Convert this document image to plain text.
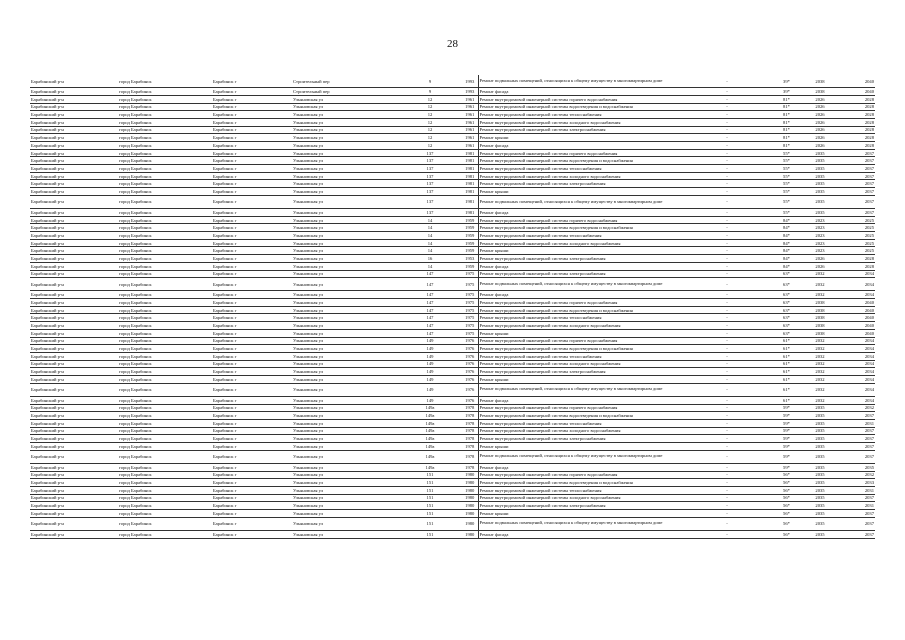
28
Барабинский р-н	город Барабинск	Барабинск г	Строительный пер	9	1993	Ремонт подвальных помещений, относящихся к общему имуществу в многоквартирном доме	-	39*	2038	2040
Барабинский р-н	город Барабинск	Барабинск г	Строительный пер	9	1993	Ремонт фасада	-	39*	2038	2040
Барабинский р-н	город Барабинск	Барабинск г	Ульяновская ул	12	1961	Ремонт внутридомовой инженерной системы горячего водоснабжения	-	81*	2026	2028
Барабинский р-н	город Барабинск	Барабинск г	Ульяновская ул	12	1961	Ремонт внутридомовой инженерной системы водоотведения и водоснабжения	-	81*	2026	2028
Барабинский р-н	город Барабинск	Барабинск г	Ульяновская ул	12	1961	Ремонт внутридомовой инженерной системы теплоснабжения	-	81*	2026	2028
Барабинский р-н	город Барабинск	Барабинск г	Ульяновская ул	12	1961	Ремонт внутридомовой инженерной системы холодного водоснабжения	-	81*	2026	2028
Барабинский р-н	город Барабинск	Барабинск г	Ульяновская ул	12	1961	Ремонт внутридомовой инженерной системы электроснабжения	-	81*	2026	2028
Барабинский р-н	город Барабинск	Барабинск г	Ульяновская ул	12	1961	Ремонт крыши	-	81*	2026	2028
Барабинский р-н	город Барабинск	Барабинск г	Ульяновская ул	12	1961	Ремонт фасада	-	81*	2026	2028
Барабинский р-н	город Барабинск	Барабинск г	Ульяновская ул	137	1981	Ремонт внутридомовой инженерной системы горячего водоснабжения	-	55*	2035	2037
Барабинский р-н	город Барабинск	Барабинск г	Ульяновская ул	137	1981	Ремонт внутридомовой инженерной системы водоотведения и водоснабжения	-	55*	2035	2037
Барабинский р-н	город Барабинск	Барабинск г	Ульяновская ул	137	1981	Ремонт внутридомовой инженерной системы теплоснабжения	-	55*	2035	2037
Барабинский р-н	город Барабинск	Барабинск г	Ульяновская ул	137	1981	Ремонт внутридомовой инженерной системы холодного водоснабжения	-	55*	2035	2037
Барабинский р-н	город Барабинск	Барабинск г	Ульяновская ул	137	1981	Ремонт внутридомовой инженерной системы электроснабжения	-	55*	2035	2037
Барабинский р-н	город Барабинск	Барабинск г	Ульяновская ул	137	1981	Ремонт крыши	-	55*	2035	2037
Барабинский р-н	город Барабинск	Барабинск г	Ульяновская ул	137	1981	Ремонт подвальных помещений, относящихся к общему имуществу в многоквартирном доме	-	55*	2035	2037
Барабинский р-н	город Барабинск	Барабинск г	Ульяновская ул	137	1981	Ремонт фасада	-	55*	2035	2037
Барабинский р-н	город Барабинск	Барабинск г	Ульяновская ул	14	1959	Ремонт внутридомовой инженерной системы горячего водоснабжения	-	84*	2023	2025
Барабинский р-н	город Барабинск	Барабинск г	Ульяновская ул	14	1959	Ремонт внутридомовой инженерной системы водоотведения и водоснабжения	-	84*	2023	2025
Барабинский р-н	город Барабинск	Барабинск г	Ульяновская ул	14	1959	Ремонт внутридомовой инженерной системы теплоснабжения	-	84*	2023	2025
Барабинский р-н	город Барабинск	Барабинск г	Ульяновская ул	14	1959	Ремонт внутридомовой инженерной системы холодного водоснабжения	-	84*	2023	2025
Барабинский р-н	город Барабинск	Барабинск г	Ульяновская ул	14	1959	Ремонт крыши	-	84*	2023	2025
Барабинский р-н	город Барабинск	Барабинск г	Ульяновская ул	16	1953	Ремонт внутридомовой инженерной системы электроснабжения	-	84*	2026	2028
Барабинский р-н	город Барабинск	Барабинск г	Ульяновская ул	14	1959	Ремонт фасада	-	84*	2026	2028
Барабинский р-н	город Барабинск	Барабинск г	Ульяновская ул	147	1975	Ремонт внутридомовой инженерной системы электроснабжения	-	63*	2032	2034
Барабинский р-н	город Барабинск	Барабинск г	Ульяновская ул	147	1975	Ремонт подвальных помещений, относящихся к общему имуществу в многоквартирном доме	-	63*	2032	2034
Барабинский р-н	город Барабинск	Барабинск г	Ульяновская ул	147	1975	Ремонт фасада	-	63*	2032	2034
Барабинский р-н	город Барабинск	Барабинск г	Ульяновская ул	147	1975	Ремонт внутридомовой инженерной системы горячего водоснабжения	-	63*	2038	2040
Барабинский р-н	город Барабинск	Барабинск г	Ульяновская ул	147	1975	Ремонт внутридомовой инженерной системы водоотведения и водоснабжения	-	63*	2038	2040
Барабинский р-н	город Барабинск	Барабинск г	Ульяновская ул	147	1975	Ремонт внутридомовой инженерной системы теплоснабжения	-	63*	2038	2040
Барабинский р-н	город Барабинск	Барабинск г	Ульяновская ул	147	1975	Ремонт внутридомовой инженерной системы холодного водоснабжения	-	63*	2038	2040
Барабинский р-н	город Барабинск	Барабинск г	Ульяновская ул	147	1975	Ремонт крыши	-	63*	2038	2040
Барабинский р-н	город Барабинск	Барабинск г	Ульяновская ул	149	1976	Ремонт внутридомовой инженерной системы горячего водоснабжения	-	61*	2032	2034
Барабинский р-н	город Барабинск	Барабинск г	Ульяновская ул	149	1976	Ремонт внутридомовой инженерной системы водоотведения и водоснабжения	-	61*	2032	2034
Барабинский р-н	город Барабинск	Барабинск г	Ульяновская ул	149	1976	Ремонт внутридомовой инженерной системы теплоснабжения	-	61*	2032	2034
Барабинский р-н	город Барабинск	Барабинск г	Ульяновская ул	149	1976	Ремонт внутридомовой инженерной системы холодного водоснабжения	-	61*	2032	2034
Барабинский р-н	город Барабинск	Барабинск г	Ульяновская ул	149	1976	Ремонт внутридомовой инженерной системы электроснабжения	-	61*	2032	2034
Барабинский р-н	город Барабинск	Барабинск г	Ульяновская ул	149	1976	Ремонт крыши	-	61*	2032	2034
Барабинский р-н	город Барабинск	Барабинск г	Ульяновская ул	149	1976	Ремонт подвальных помещений, относящихся к общему имуществу в многоквартирном доме	-	61*	2032	2034
Барабинский р-н	город Барабинск	Барабинск г	Ульяновская ул	149	1976	Ремонт фасада	-	61*	2032	2034
Барабинский р-н	город Барабинск	Барабинск г	Ульяновская ул	149а	1978	Ремонт внутридомовой инженерной системы горячего водоснабжения	-	59*	2035	2032
Барабинский р-н	город Барабинск	Барабинск г	Ульяновская ул	149а	1978	Ремонт внутридомовой инженерной системы водоотведения и водоснабжения	-	59*	2035	2037
Барабинский р-н	город Барабинск	Барабинск г	Ульяновская ул	149а	1978	Ремонт внутридомовой инженерной системы теплоснабжения	-	59*	2035	2031
Барабинский р-н	город Барабинск	Барабинск г	Ульяновская ул	149а	1978	Ремонт внутридомовой инженерной системы холодного водоснабжения	-	59*	2035	2037
Барабинский р-н	город Барабинск	Барабинск г	Ульяновская ул	149а	1978	Ремонт внутридомовой инженерной системы электроснабжения	-	59*	2035	2037
Барабинский р-н	город Барабинск	Барабинск г	Ульяновская ул	149а	1978	Ремонт крыши	-	59*	2035	2037
Барабинский р-н	город Барабинск	Барабинск г	Ульяновская ул	149а	1978	Ремонт подвальных помещений, относящихся к общему имуществу в многоквартирном доме	-	59*	2035	2037
Барабинский р-н	город Барабинск	Барабинск г	Ульяновская ул	149а	1978	Ремонт фасада	-	59*	2035	2035
Барабинский р-н	город Барабинск	Барабинск г	Ульяновская ул	151	1980	Ремонт внутридомовой инженерной системы горячего водоснабжения	-	56*	2035	2032
Барабинский р-н	город Барабинск	Барабинск г	Ульяновская ул	151	1980	Ремонт внутридомовой инженерной системы водоотведения и водоснабжения	-	56*	2035	2033
Барабинский р-н	город Барабинск	Барабинск г	Ульяновская ул	151	1980	Ремонт внутридомовой инженерной системы теплоснабжения	-	56*	2035	2031
Барабинский р-н	город Барабинск	Барабинск г	Ульяновская ул	151	1980	Ремонт внутридомовой инженерной системы холодного водоснабжения	-	56*	2035	2037
Барабинский р-н	город Барабинск	Барабинск г	Ульяновская ул	151	1980	Ремонт внутридомовой инженерной системы электроснабжения	-	56*	2035	2031
Барабинский р-н	город Барабинск	Барабинск г	Ульяновская ул	151	1980	Ремонт крыши	-	56*	2035	2037
Барабинский р-н	город Барабинск	Барабинск г	Ульяновская ул	151	1980	Ремонт подвальных помещений, относящихся к общему имуществу в многоквартирном доме	-	56*	2035	2037
Барабинский р-н	город Барабинск	Барабинск г	Ульяновская ул	151	1980	Ремонт фасада	-	56*	2035	2037
